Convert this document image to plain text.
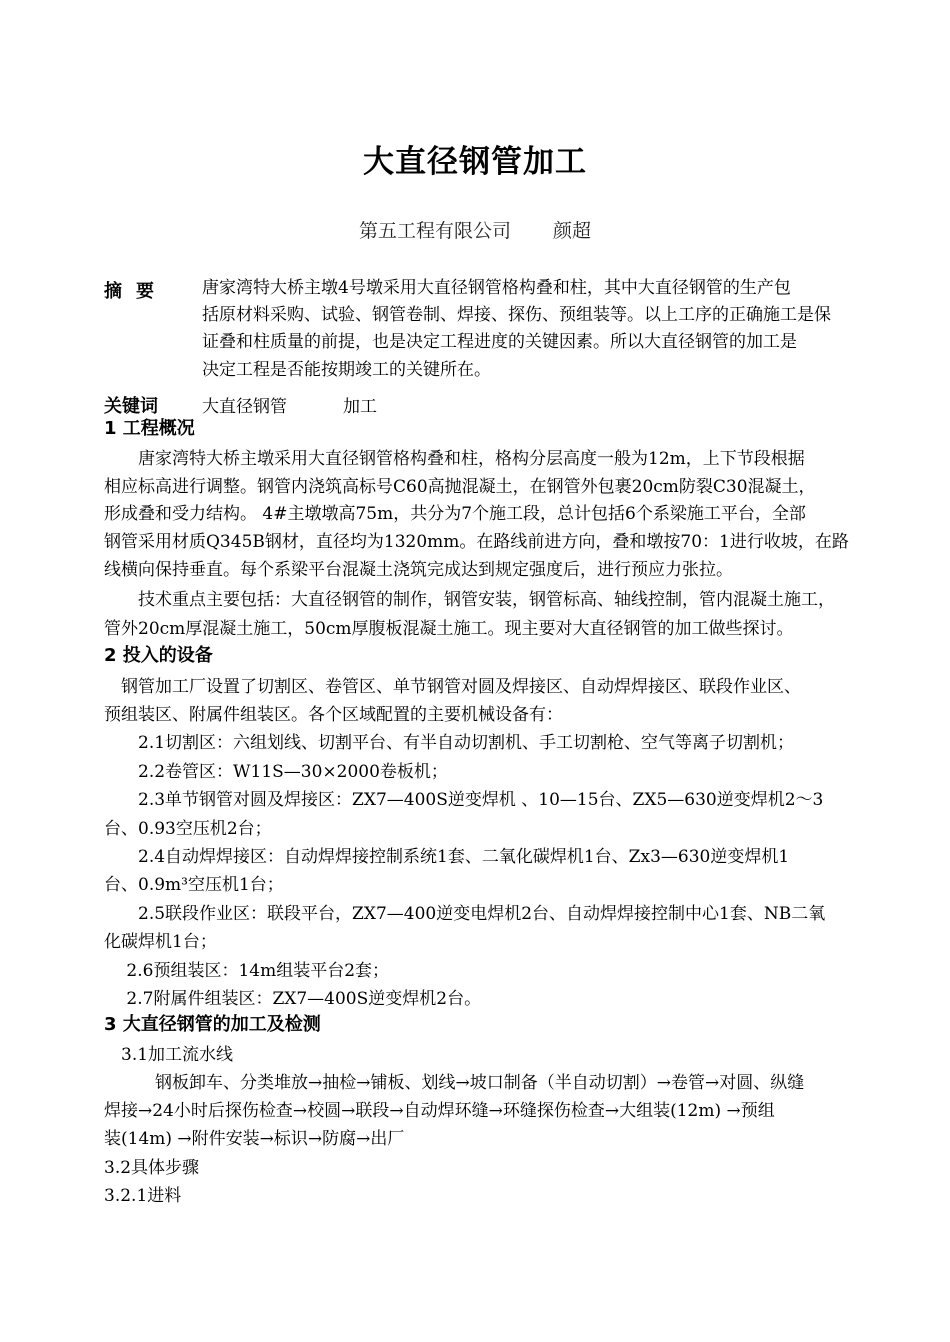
大直径钢管加工
第五工程有限公司 颜超
摘要 唐家湾特大桥主墩4号墩采用大直径钢管格构叠和柱，其中大直径钢管的生产包
括原材料采购、试验、钢管卷制、焊接、探伤、预组装等。以上工序的正确施工是保
证叠和柱质量的前提，也是决定工程进度的关键因素。所以大直径钢管的加工是
决定工程是否能按期竣工的关键所在。
关键词	大直径钢管	加工
1 工程概况
　　唐家湾特大桥主墩采用大直径钢管格构叠和柱，格构分层高度一般为12m，上下节段根据
相应标高进行调整。钢管内浇筑高标号C60高抛混凝土，在钢管外包裹20cm防裂C30混凝土，
形成叠和受力结构。 4#主墩墩高75m，共分为7个施工段，总计包括6个系梁施工平台，全部
钢管采用材质Q345B钢材，直径均为1320mm。在路线前进方向，叠和墩按70：1进行收坡，在路
线横向保持垂直。每个系梁平台混凝土浇筑完成达到规定强度后，进行预应力张拉。
　　技术重点主要包括：大直径钢管的制作，钢管安装，钢管标高、轴线控制，管内混凝土施工，
管外20cm厚混凝土施工，50cm厚腹板混凝土施工。现主要对大直径钢管的加工做些探讨。
2 投入的设备
　钢管加工厂设置了切割区、卷管区、单节钢管对圆及焊接区、自动焊焊接区、联段作业区、
预组装区、附属件组装区。各个区域配置的主要机械设备有：
　　2.1切割区：六组划线、切割平台、有半自动切割机、手工切割枪、空气等离子切割机；
　　2.2卷管区：W11S—30×2000卷板机；
　　2.3单节钢管对圆及焊接区：ZX7—400S逆变焊机 、10—15台、ZX5—630逆变焊机2～3
台、0.93空压机2台；
　　2.4自动焊焊接区：自动焊焊接控制系统1套、二氧化碳焊机1台、Zx3—630逆变焊机1
台、0.9m³空压机1台；
　　2.5联段作业区：联段平台，ZX7—400逆变电焊机2台、自动焊焊接控制中心1套、NB二氧
化碳焊机1台；
　 2.6预组装区：14m组装平台2套；
　 2.7附属件组装区：ZX7—400S逆变焊机2台。
3 大直径钢管的加工及检测
　3.1加工流水线
　　　钢板卸车、分类堆放→抽检→铺板、划线→坡口制备（半自动切割）→卷管→对圆、纵缝
焊接→24小时后探伤检查→校圆→联段→自动焊环缝→环缝探伤检查→大组装(12m) →预组
装(14m) →附件安装→标识→防腐→出厂
3.2具体步骤
3.2.1进料
